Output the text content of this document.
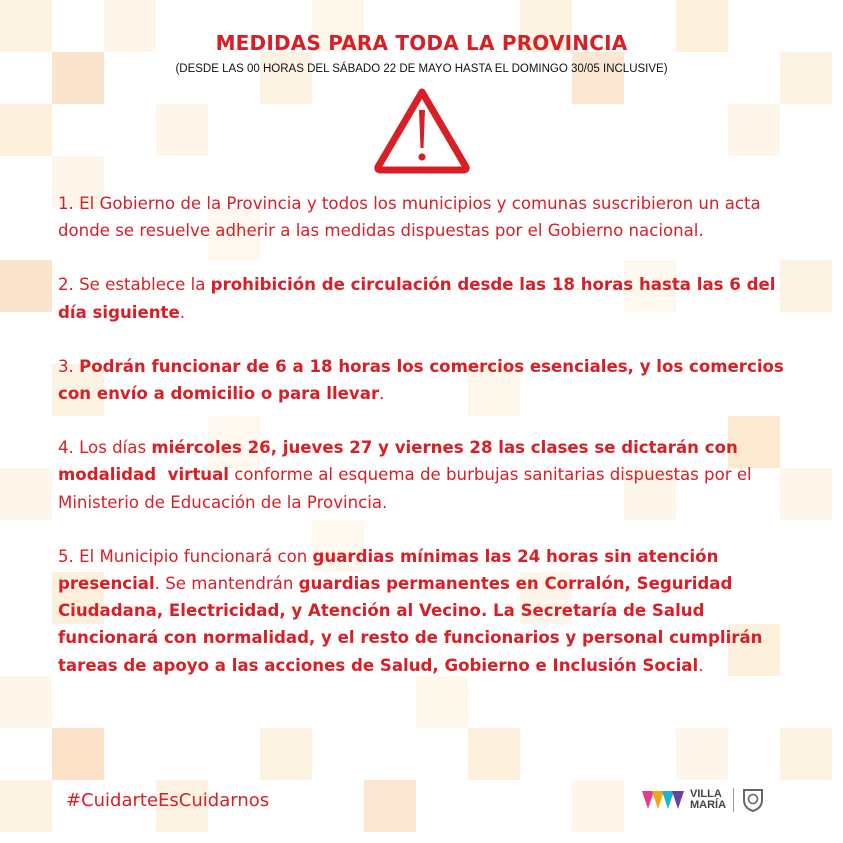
MEDIDAS PARA TODA LA PROVINCIA
(DESDE LAS 00 HORAS DEL SÁBADO 22 DE MAYO HASTA EL DOMINGO 30/05 INCLUSIVE)

1. El Gobierno de la Provincia y todos los municipios y comunas suscribieron un acta donde se resuelve adherir a las medidas dispuestas por el Gobierno nacional.

2. Se establece la prohibición de circulación desde las 18 horas hasta las 6 del día siguiente.

3. Podrán funcionar de 6 a 18 horas los comercios esenciales, y los comercios con envío a domicilio o para llevar.

4. Los días miércoles 26, jueves 27 y viernes 28 las clases se dictarán con modalidad  virtual conforme al esquema de burbujas sanitarias dispuestas por el Ministerio de Educación de la Provincia.

5. El Municipio funcionará con guardias mínimas las 24 horas sin atención presencial. Se mantendrán guardias permanentes en Corralón, Seguridad Ciudadana, Electricidad, y Atención al Vecino. La Secretaría de Salud funcionará con normalidad, y el resto de funcionarios y personal cumplirán tareas de apoyo a las acciones de Salud, Gobierno e Inclusión Social.

#CuidarteEsCuidarnos	VILLA
MARÍA
